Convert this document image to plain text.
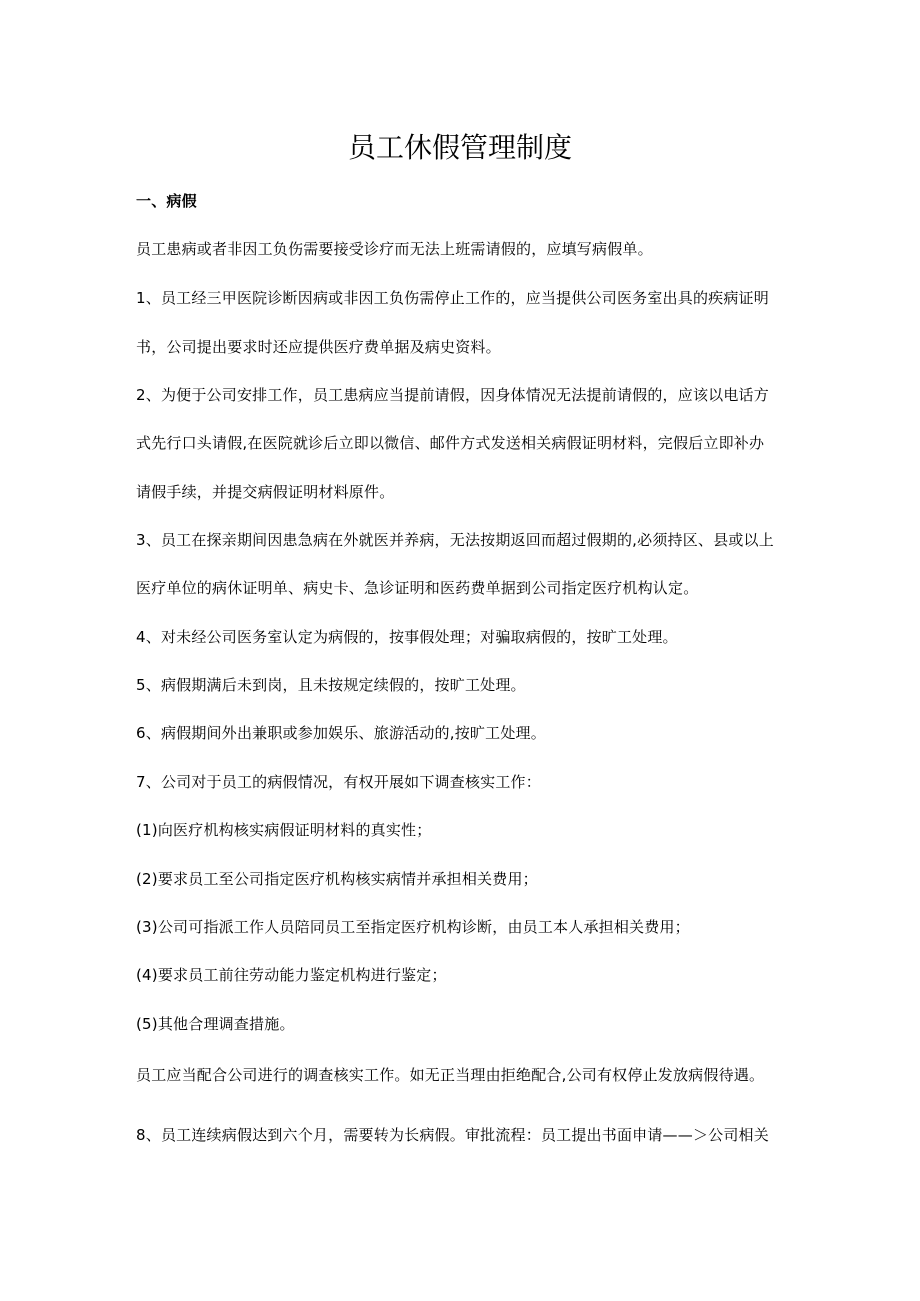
员工休假管理制度
一、病假
员工患病或者非因工负伤需要接受诊疗而无法上班需请假的，应填写病假单。
1、员工经三甲医院诊断因病或非因工负伤需停止工作的，应当提供公司医务室出具的疾病证明
书，公司提出要求时还应提供医疗费单据及病史资料。
2、为便于公司安排工作，员工患病应当提前请假，因身体情况无法提前请假的，应该以电话方
式先行口头请假,在医院就诊后立即以微信、邮件方式发送相关病假证明材料，完假后立即补办
请假手续，并提交病假证明材料原件。
3、员工在探亲期间因患急病在外就医并养病，无法按期返回而超过假期的,必须持区、县或以上
医疗单位的病休证明单、病史卡、急诊证明和医药费单据到公司指定医疗机构认定。
4、对未经公司医务室认定为病假的，按事假处理；对骗取病假的，按旷工处理。
5、病假期满后未到岗，且未按规定续假的，按旷工处理。
6、病假期间外出兼职或参加娱乐、旅游活动的,按旷工处理。
7、公司对于员工的病假情况，有权开展如下调查核实工作：
(1)向医疗机构核实病假证明材料的真实性；
(2)要求员工至公司指定医疗机构核实病情并承担相关费用；
(3)公司可指派工作人员陪同员工至指定医疗机构诊断，由员工本人承担相关费用；
(4)要求员工前往劳动能力鉴定机构进行鉴定；
(5)其他合理调查措施。
员工应当配合公司进行的调查核实工作。如无正当理由拒绝配合,公司有权停止发放病假待遇。
8、员工连续病假达到六个月，需要转为长病假。审批流程：员工提出书面申请——＞公司相关
